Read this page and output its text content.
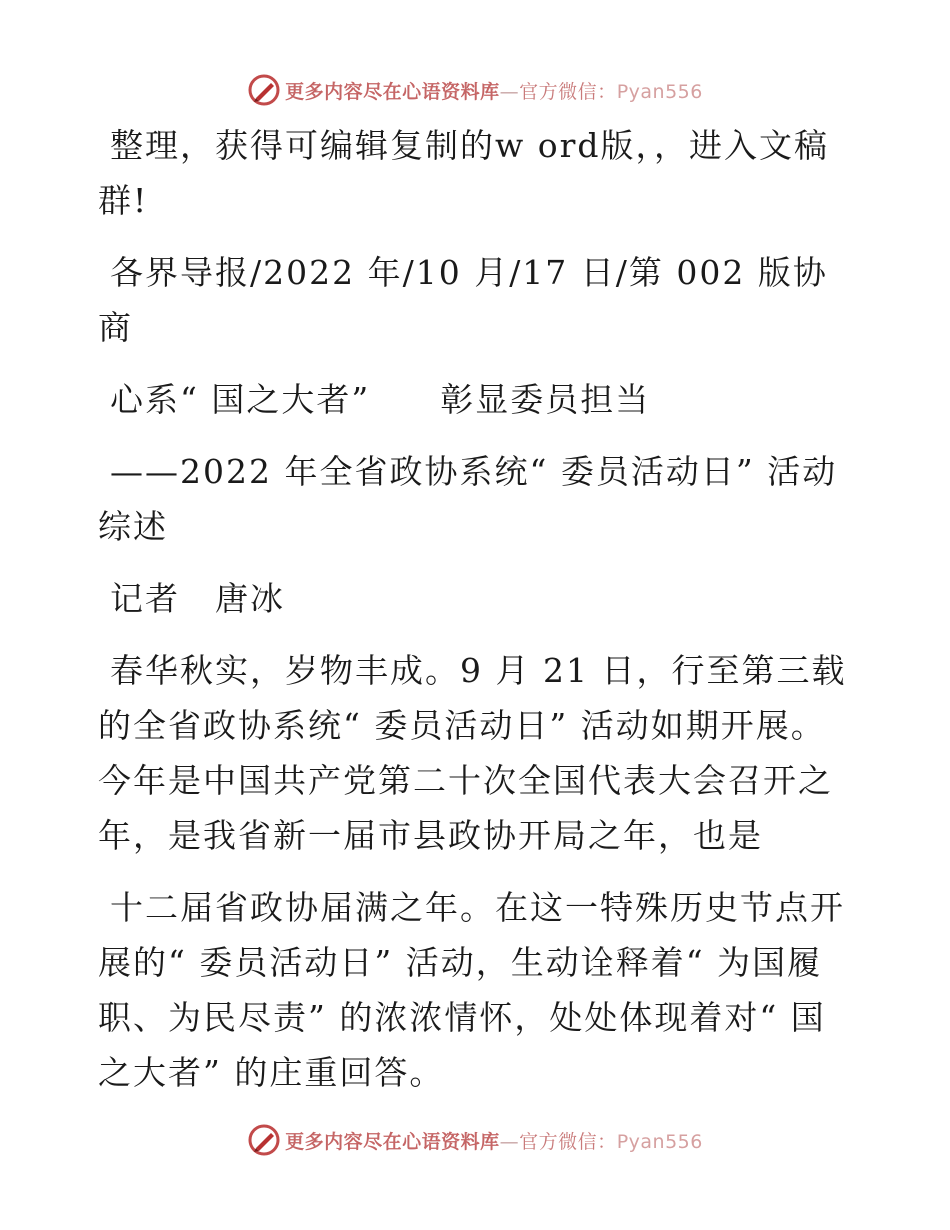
更多内容尽在心语资料库—官方微信：Pyan556

整理，获得可编辑复制的w ord版，，进入文稿群!

各界导报/2022 年/10 月/17 日/第 002 版协商

心系“ 国之大者”　　彰显委员担当

——2022 年全省政协系统“ 委员活动日” 活动综述

记者　唐冰

春华秋实，岁物丰成。9 月 21 日，行至第三载的全省政协系统“ 委员活动日” 活动如期开展。今年是中国共产党第二十次全国代表大会召开之年，是我省新一届市县政协开局之年，也是

十二届省政协届满之年。在这一特殊历史节点开展的“ 委员活动日” 活动，生动诠释着“ 为国履职、为民尽责” 的浓浓情怀，处处体现着对“ 国之大者” 的庄重回答。

更多内容尽在心语资料库—官方微信：Pyan556
